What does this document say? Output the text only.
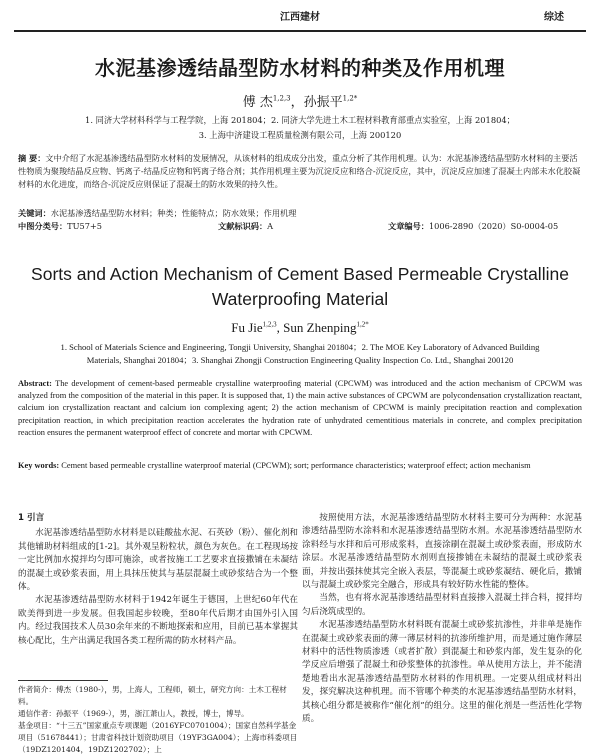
江西建材	综述
水泥基渗透结晶型防水材料的种类及作用机理
傅 杰$^{1,2,3}$，孙振平$^{1,2*}$
1. 同济大学材料科学与工程学院，上海 201804；2. 同济大学先进土木工程材料教育部重点实验室，上海 201804；
3. 上海中济建设工程质量检测有限公司，上海 200120
摘 要：文中介绍了水泥基渗透结晶型防水材料的发展情况，从该材料的组成成分出发，重点分析了其作用机理。认为：水泥基渗透结晶型防水材料的主要活性物质为聚羧结晶反应物、钙离子-结晶反应物和钙离子络合剂；其作用机理主要为沉淀反应和络合-沉淀反应，其中，沉淀反应加速了混凝土内部未水化胶凝材料的水化进度，而络合-沉淀反应则保证了混凝土的防水效果的持久性。
关键词：水泥基渗透结晶型防水材料；种类；性能特点；防水效果；作用机理
中图分类号：TU57+5	文献标识码：A	文章编号：1006-2890（2020）S0-0004-05
Sorts and Action Mechanism of Cement Based Permeable Crystalline
Waterproofing Material
Fu Jie$^{1,2,3}$, Sun Zhenping$^{1,2*}$
1. School of Materials Science and Engineering, Tongji University, Shanghai 201804；2. The MOE Key Laboratory of Advanced Building
Materials, Shanghai 201804；3. Shanghai Zhongji Construction Engineering Quality Inspection Co. Ltd., Shanghai 200120
Abstract: The development of cement-based permeable crystalline waterproofing material (CPCWM) was introduced and the action mechanism of CPCWM was analyzed from the composition of the material in this paper. It is supposed that, 1) the main active substances of CPCWM are polycondensation crystallization reactant, calcium ion crystallization reactant and calcium ion complexing agent; 2) the action mechanism of CPCWM is mainly precipitation reaction and complexation precipitation reaction, in which precipitation reaction accelerates the hydration rate of unhydrated cementitious materials in concrete, and complex precipitation reaction ensures the permanent waterproof effect of concrete and mortar with CPCWM.
Key words: Cement based permeable crystalline waterproof material (CPCWM); sort; performance characteristics; waterproof effect; action mechanism
1 引言

水泥基渗透结晶型防水材料是以硅酸盐水泥、石英砂（粉）、催化剂和其他辅助材料组成的[1-2]。其外观呈粉粒状，颜色为灰色。在工程现场按一定比例加水搅拌均匀即可施涂，或者按施工工艺要求直接撒铺在未凝结的混凝土或砂浆表面，用上具抹压使其与基层混凝土或砂浆结合为一个整体。

水泥基渗透结晶型防水材料于1942年诞生于德国，上世纪60年代在欧美得到进一步发展。但我国起步较晚，至80年代后期才由国外引入国内。经过我国技术人员30余年来的不断地探索和应用，目前已基本掌握其核心配比，生产出满足我国各类工程所需的防水材料产品。

作者简介：傅杰（1980-），男，上海人，工程师，硕士，研究方向：土木工程材料。

通信作者：孙振平（1969-），男，浙江萧山人，教授，博士，博导。

基金项目：“十三五”国家重点专项课题（2016YFC0701004）；国家自然科学基金项目（51678441）；甘肃省科技计划资助项目（19YF3GA004）；上海市科委项目（19DZ1201404，19DZ1202702）；上

按照使用方法，水泥基渗透结晶型防水材料主要可分为两种：水泥基渗透结晶型防水涂料和水泥基渗透结晶型防水剂。水泥基渗透结晶型防水涂料经与水拌和后可形成浆料，直接涂刷在混凝土或砂浆表面，形成防水涂层。水泥基渗透结晶型防水剂则直接掺铺在未凝结的混凝土或砂浆表面，并按出强抹使其完全嵌入表层，等混凝土或砂浆凝结、硬化后，撒铺以与混凝土或砂浆完全融合，形成具有较好防水性能的整体。

当然，也有将水泥基渗透结晶型材料直接掺入混凝土拌合料，搅拌均匀后浇筑成型的。

水泥基渗透结晶型防水材料既有混凝土或砂浆抗渗性，并非单是施作在混凝土或砂浆表面的薄一薄层材料的抗渗所维护用，而是通过施作薄层材料中的活性物质渗透（或者扩散）到混凝土和砂浆内部，发生复杂的化学反应后增强了混凝土和砂浆整体的抗渗性。单从使用方法上，并不能清楚地看出水泥基渗透结晶型防水材料的作用机理。一定要从组成材料出发，探究解决这种机理。而不管哪个种类的水泥基渗透结晶型防水材料，其核心组分都是被称作“催化剂”的组分。这里的催化剂是一些活性化学物质。
